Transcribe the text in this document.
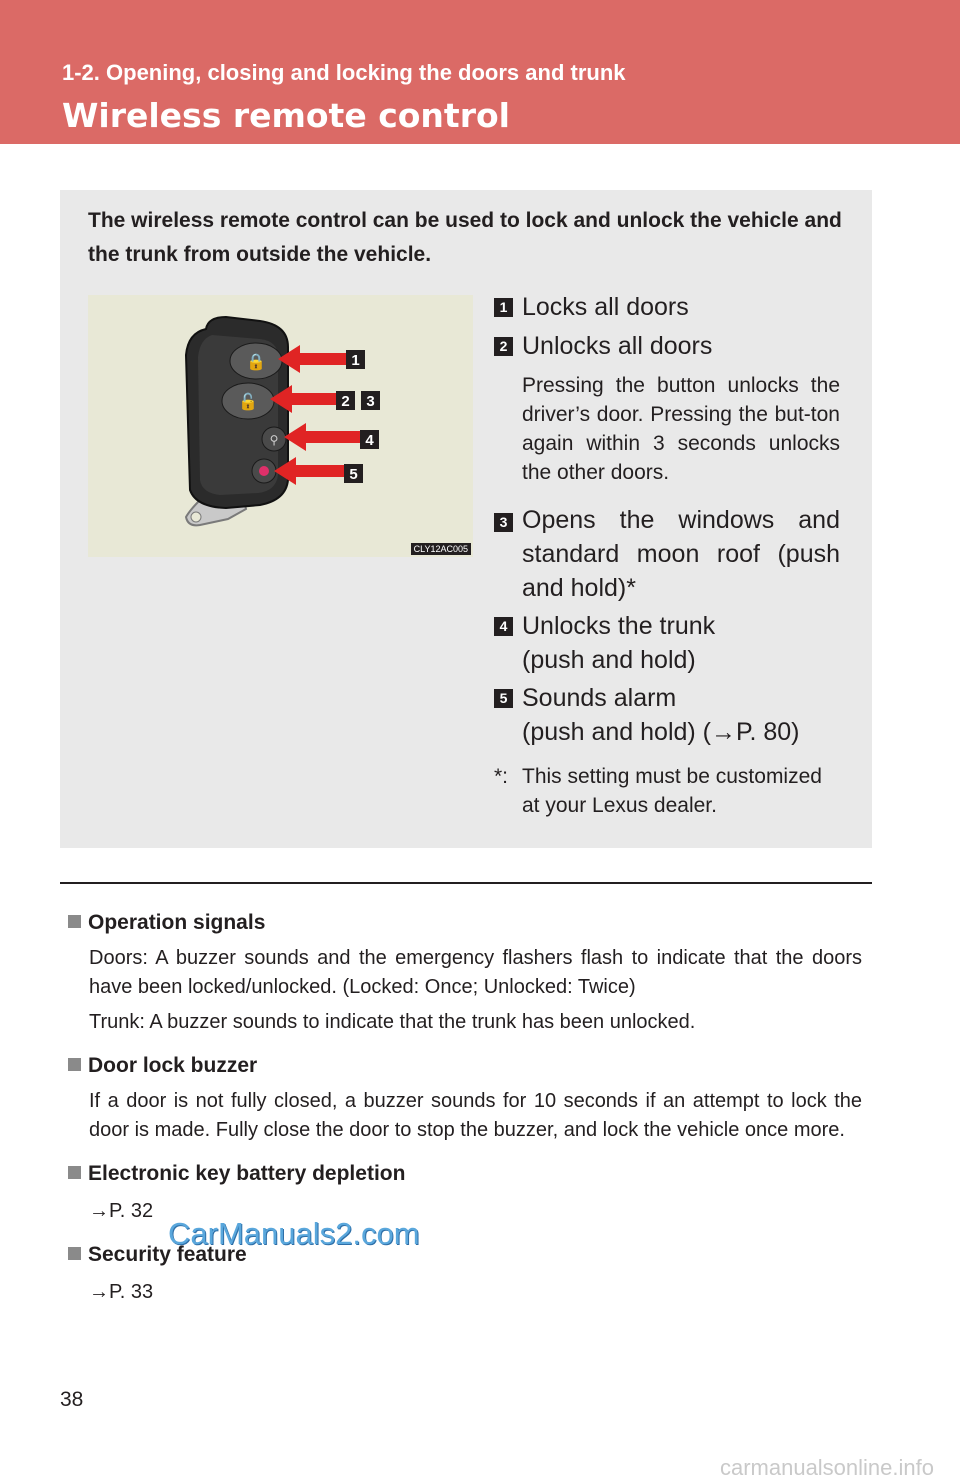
1-2. Opening, closing and locking the doors and trunk
Wireless remote control
The wireless remote control can be used to lock and unlock the vehicle and the trunk from outside the vehicle.
🔒
🔓
⚲
1
2 3
4
5
CLY12AC005
1 Locks all doors
2 Unlocks all doors
Pressing the button unlocks the driver’s door. Pressing the but-ton again within 3 seconds unlocks the other doors.
3 Opens the windows and standard moon roof (push and hold)*
4 Unlocks the trunk
(push and hold)
5 Sounds alarm
(push and hold) (→P. 80)
*: This setting must be customized at your Lexus dealer.
Operation signals

Doors: A buzzer sounds and the emergency flashers flash to indicate that the doors have been locked/unlocked. (Locked: Once; Unlocked: Twice)

Trunk: A buzzer sounds to indicate that the trunk has been unlocked.

Door lock buzzer

If a door is not fully closed, a buzzer sounds for 10 seconds if an attempt to lock the door is made. Fully close the door to stop the buzzer, and lock the vehicle once more.

Electronic key battery depletion

→P. 32

Security feature

→P. 33

CarManuals2.com
38
carmanualsonline.info
